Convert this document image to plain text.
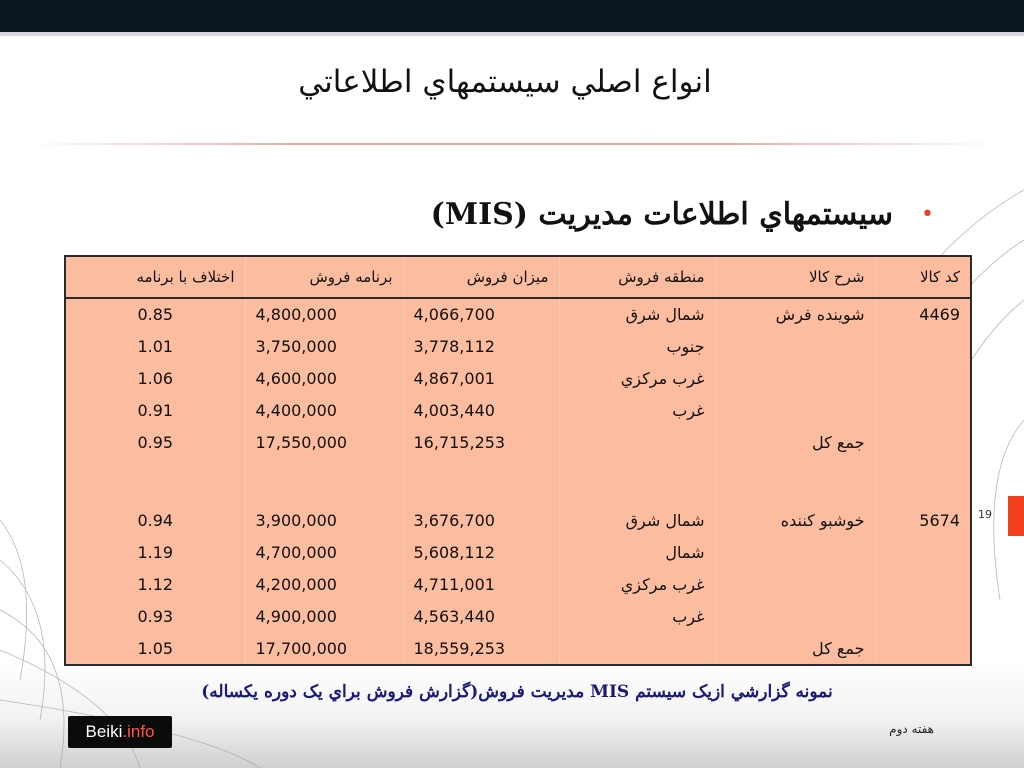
انواع اصلي سيستمهاي اطلاعاتي
•
سيستمهاي اطلاعات مديريت (MIS)
كد كالا	شرح كالا	منطقه فروش	ميزان فروش	برنامه فروش	اختلاف با برنامه
4469	شوينده فرش	شمال شرق	4,066,700	4,800,000	0.85
		جنوب	3,778,112	3,750,000	1.01
		غرب مركزي	4,867,001	4,600,000	1.06
		غرب	4,003,440	4,400,000	0.91
	جمع كل		16,715,253	17,550,000	0.95

5674	خوشبو كننده	شمال شرق	3,676,700	3,900,000	0.94
		شمال	5,608,112	4,700,000	1.19
		غرب مركزي	4,711,001	4,200,000	1.12
		غرب	4,563,440	4,900,000	0.93
	جمع كل		18,559,253	17,700,000	1.05
19
نمونه گزارشي ازيک سيستم MIS مديريت فروش(گزارش فروش براي يک دوره يکساله)
Beiki .info	هفته دوم
